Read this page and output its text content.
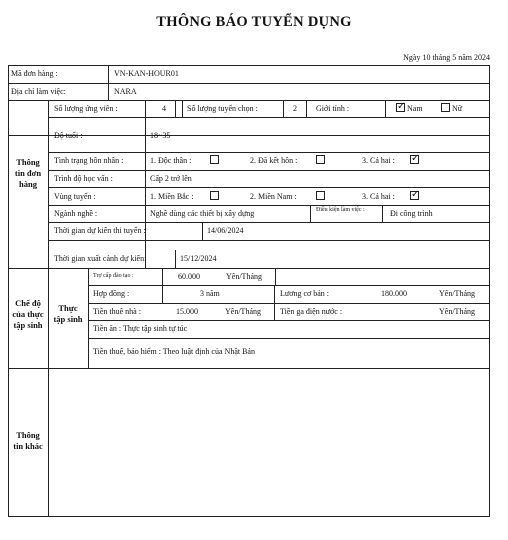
THÔNG BÁO TUYỂN DỤNG
Ngày 10 tháng 5 năm 2024
Mã đơn hàng :	VN-KAN-HOUR01
Địa chỉ làm việc:	NARA
Thông
tin đơn
hàng
Chế độ
của thực
tập sinh
Thực
tập sinh
Thông
tin khác
Số lượng ứng viên :	4	Số lượng tuyển chọn :	2 Giới tính :	✓ Nam	Nữ
Độ tuổi :	18~35
Tình trạng hôn nhân :	1. Độc thân :	2. Đã kết hôn :	3. Cả hai : ✓
Trình độ học vấn :	Cấp 2 trở lên
Vùng tuyển :	1. Miền Bắc :	2. Miền Nam :	3. Cả hai : ✓
Ngành nghề :	Nghề dùng các thiết bị xây dựng	Điều kiện làm việc :	Đi công trình
Thời gian dự kiến thi tuyển :	14/06/2024
Thời gian xuất cảnh dự kiến:	15/12/2024
Trợ cấp đào tạo :	60.000	Yên/Tháng
Hợp đồng :	3 năm	Lương cơ bản :	180.000	Yên/Tháng
Tiền thuê nhà :	15.000	Yên/Tháng Tiền ga điện nước :	Yên/Tháng
Tiền ăn : Thực tập sinh tự túc
Tiền thuế, bảo hiểm : Theo luật định của Nhật Bản
